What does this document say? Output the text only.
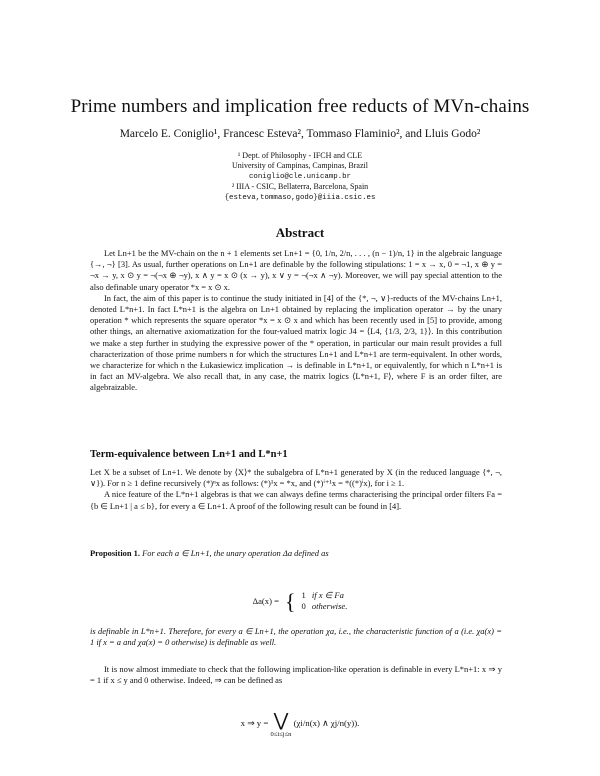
Prime numbers and implication free reducts of MVn-chains
Marcelo E. Coniglio¹, Francesc Esteva², Tommaso Flaminio², and Lluis Godo²
¹ Dept. of Philosophy - IFCH and CLE
University of Campinas, Campinas, Brazil
coniglio@cle.unicamp.br
² IIIA - CSIC, Bellaterra, Barcelona, Spain
{esteva,tommaso,godo}@iiia.csic.es
Abstract

Let Ln+1 be the MV-chain on the n + 1 elements set Ln+1 = {0, 1/n, 2/n, . . . , (n − 1)/n, 1} in the algebraic language {→, ¬} [3]. As usual, further operations on Ln+1 are definable by the following stipulations: 1 = x → x, 0 = ¬1, x ⊕ y = ¬x → y, x ⊙ y = ¬(¬x ⊕ ¬y), x ∧ y = x ⊙ (x → y), x ∨ y = ¬(¬x ∧ ¬y). Moreover, we will pay special attention to the also definable unary operator *x = x ⊙ x.

In fact, the aim of this paper is to continue the study initiated in [4] of the {*, ¬, ∨}-reducts of the MV-chains Ln+1, denoted L*n+1. In fact L*n+1 is the algebra on Ln+1 obtained by replacing the implication operator → by the unary operation * which represents the square operator *x = x ⊙ x and which has been recently used in [5] to provide, among other things, an alternative axiomatization for the four-valued matrix logic J4 = ⟨L4, {1/3, 2/3, 1}⟩. In this contribution we make a step further in studying the expressive power of the * operation, in particular our main result provides a full characterization of those prime numbers n for which the structures Ln+1 and L*n+1 are term-equivalent. In other words, we characterize for which n the Łukasiewicz implication → is definable in L*n+1, or equivalently, for which n L*n+1 is in fact an MV-algebra. We also recall that, in any case, the matrix logics ⟨L*n+1, F⟩, where F is an order filter, are algebraizable.

Term-equivalence between Ln+1 and L*n+1

Let X be a subset of Ln+1. We denote by ⟨X⟩* the subalgebra of L*n+1 generated by X (in the reduced language {*, ¬, ∨}). For n ≥ 1 define recursively (*)ⁿx as follows: (*)¹x = *x, and (*)ⁱ⁺¹x = *((*)ⁱx), for i ≥ 1.

A nice feature of the L*n+1 algebras is that we can always define terms characterising the principal order filters Fa = {b ∈ Ln+1 | a ≤ b}, for every a ∈ Ln+1. A proof of the following result can be found in [4].

Proposition 1. For each a ∈ Ln+1, the unary operation Δa defined as

Δa(x) =	{	1	if x ∈ Fa
		0	otherwise.

is definable in L*n+1. Therefore, for every a ∈ Ln+1, the operation χa, i.e., the characteristic function of a (i.e. χa(x) = 1 if x = a and χa(x) = 0 otherwise) is definable as well.

It is now almost immediate to check that the following implication-like operation is definable in every L*n+1: x ⇒ y = 1 if x ≤ y and 0 otherwise. Indeed, ⇒ can be defined as

x ⇒ y = ⋁
0≤i≤j≤n
(χi/n(x) ∧ χj/n(y)).
